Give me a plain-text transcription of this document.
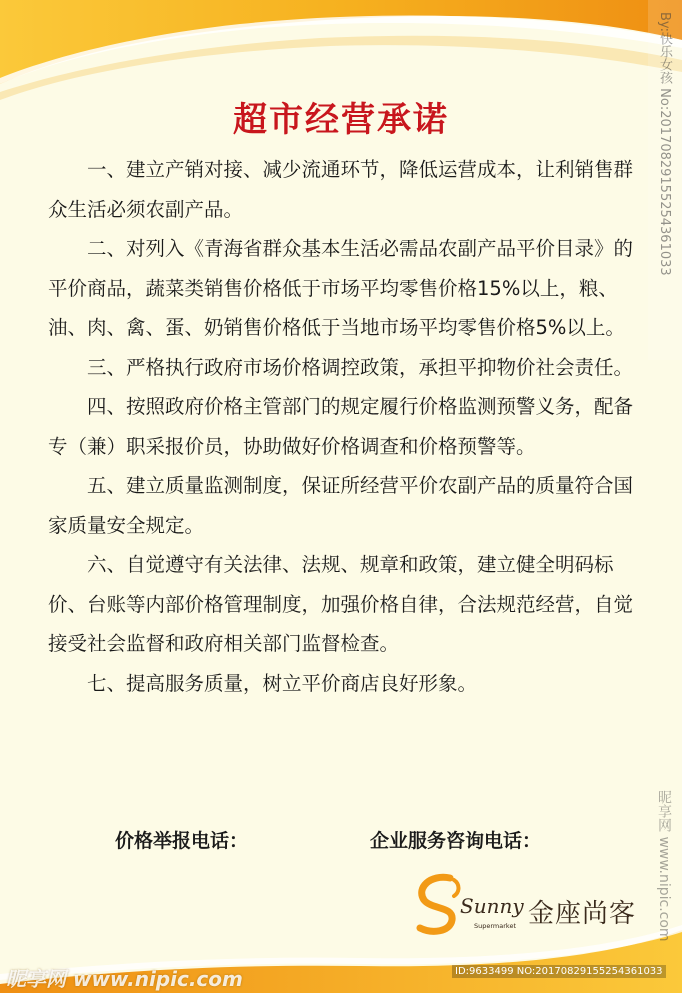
超市经营承诺

一、建立产销对接、减少流通环节，降低运营成本，让利销售群众生活必须农副产品。

二、对列入《青海省群众基本生活必需品农副产品平价目录》的平价商品，蔬菜类销售价格低于市场平均零售价格15%以上，粮、油、肉、禽、蛋、奶销售价格低于当地市场平均零售价格5%以上。

三、严格执行政府市场价格调控政策，承担平抑物价社会责任。

四、按照政府价格主管部门的规定履行价格监测预警义务，配备专（兼）职采报价员，协助做好价格调查和价格预警等。

五、建立质量监测制度，保证所经营平价农副产品的质量符合国家质量安全规定。

六、自觉遵守有关法律、法规、规章和政策，建立健全明码标价、台账等内部价格管理制度，加强价格自律，合法规范经营，自觉接受社会监督和政府相关部门监督检查。

七、提高服务质量，树立平价商店良好形象。

价格举报电话：	企业服务咨询电话：
Sunny
Supermarket 金座尚客
By:快乐女孩 No:20170829155254361033
昵享网 www.nipic.com
昵享网 www.nipic.com	ID:9633499 NO:20170829155254361033
